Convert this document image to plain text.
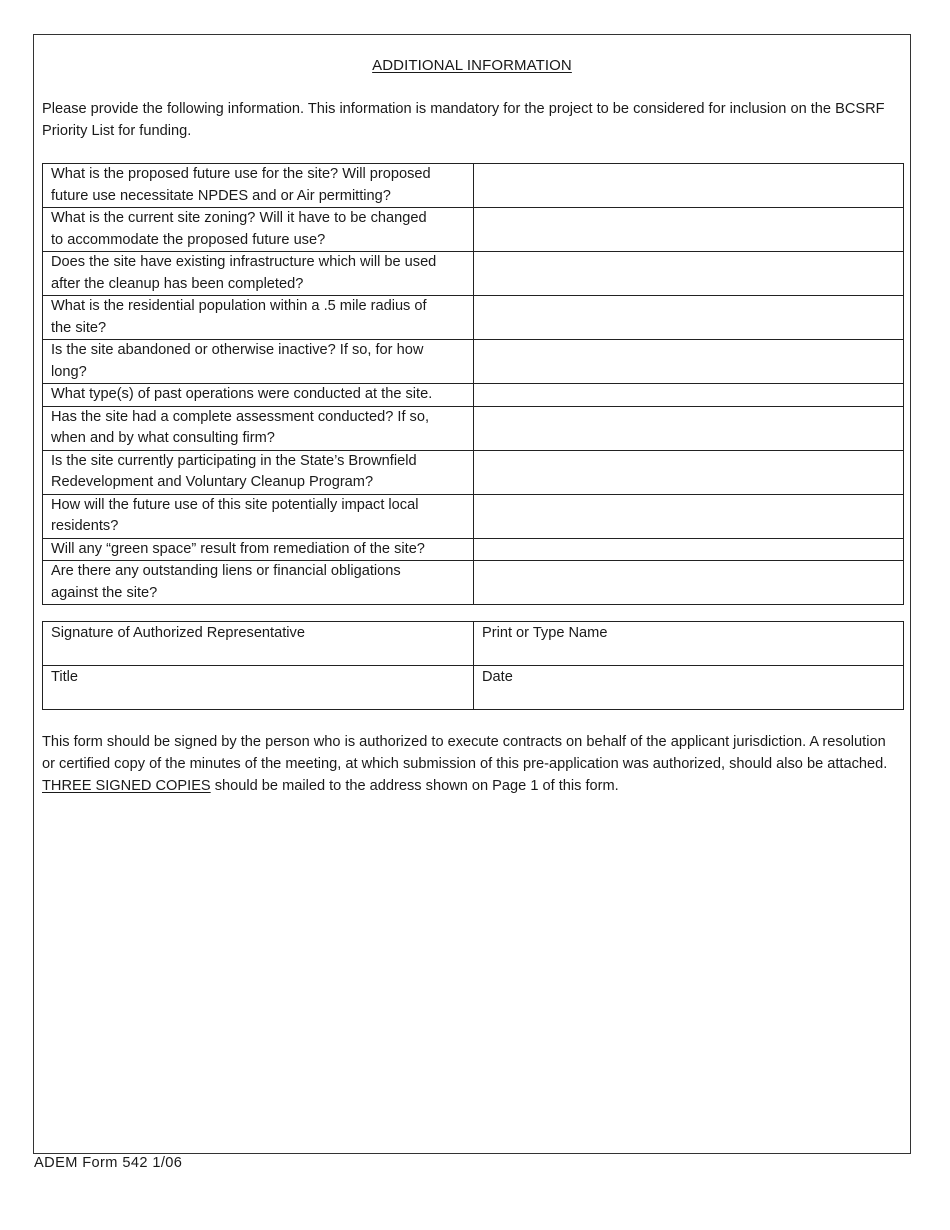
ADDITIONAL INFORMATION

Please provide the following information. This information is mandatory for the project to be considered for inclusion on the BCSRF Priority List for funding.

What is the proposed future use for the site? Will proposed
future use necessitate NPDES and or Air permitting?	
What is the current site zoning? Will it have to be changed
to accommodate the proposed future use?	
Does the site have existing infrastructure which will be used
after the cleanup has been completed?	
What is the residential population within a .5 mile radius of
the site?	
Is the site abandoned or otherwise inactive? If so, for how
long?	
What type(s) of past operations were conducted at the site.	
Has the site had a complete assessment conducted? If so,
when and by what consulting firm?	
Is the site currently participating in the State’s Brownfield
Redevelopment and Voluntary Cleanup Program?	
How will the future use of this site potentially impact local
residents?	
Will any “green space” result from remediation of the site?	
Are there any outstanding liens or financial obligations
against the site?	
Signature of Authorized Representative	Print or Type Name
Title	Date

This form should be signed by the person who is authorized to execute contracts on behalf of the applicant jurisdiction. A resolution or certified copy of the minutes of the meeting, at which submission of this pre-application was authorized, should also be attached. THREE SIGNED COPIES should be mailed to the address shown on Page 1 of this form.

ADEM Form 542 1/06
